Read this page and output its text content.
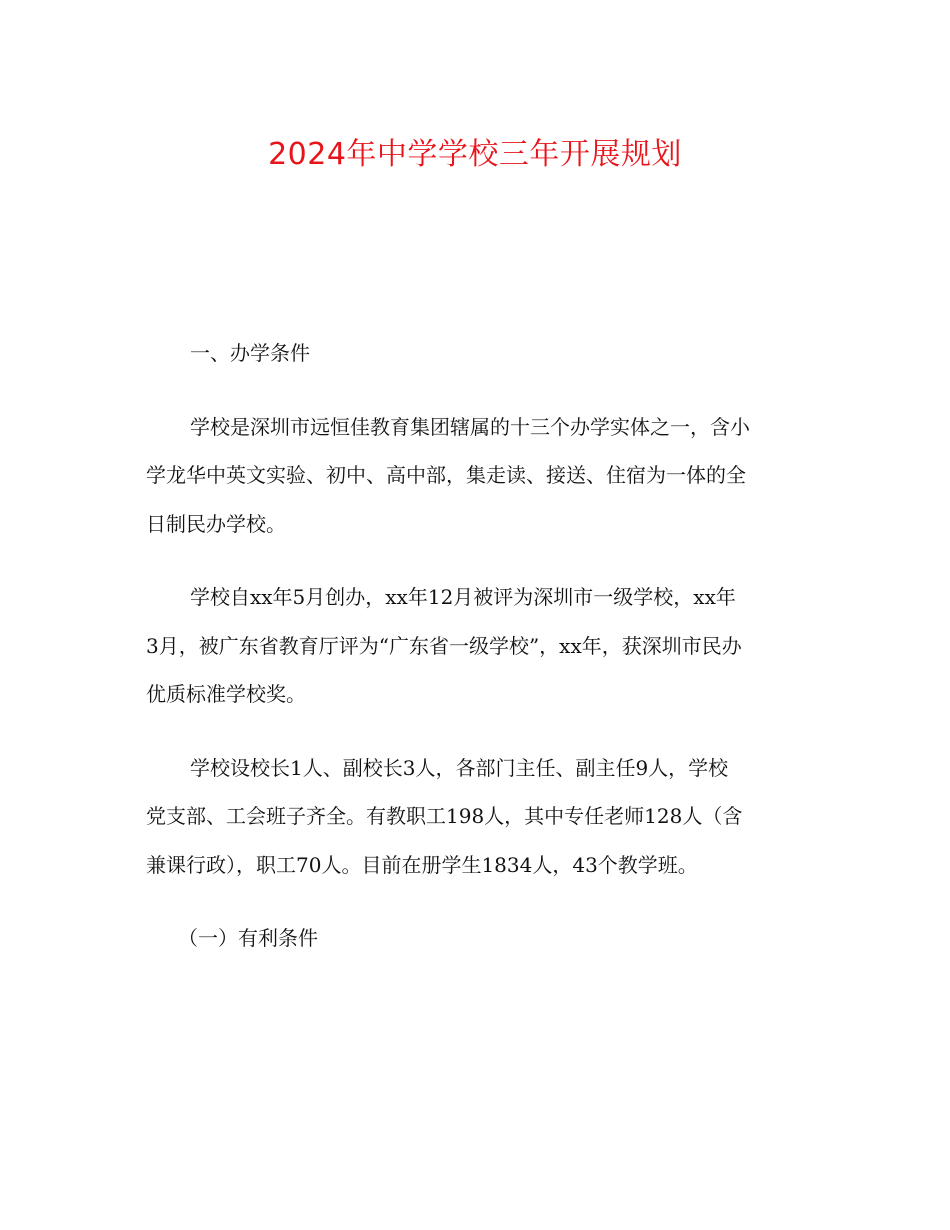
2024年中学学校三年开展规划
一、办学条件
学校是深圳市远恒佳教育集团辖属的十三个办学实体之一，含小
学龙华中英文实验、初中、高中部，集走读、接送、住宿为一体的全
日制民办学校。
学校自xx年5月创办，xx年12月被评为深圳市一级学校，xx年
3月，被广东省教育厅评为“广东省一级学校”，xx年，获深圳市民办
优质标准学校奖。
学校设校长1人、副校长3人，各部门主任、副主任9人，学校
党支部、工会班子齐全。有教职工198人，其中专任老师128人（含
兼课行政），职工70人。目前在册学生1834人，43个教学班。
（一）有利条件
